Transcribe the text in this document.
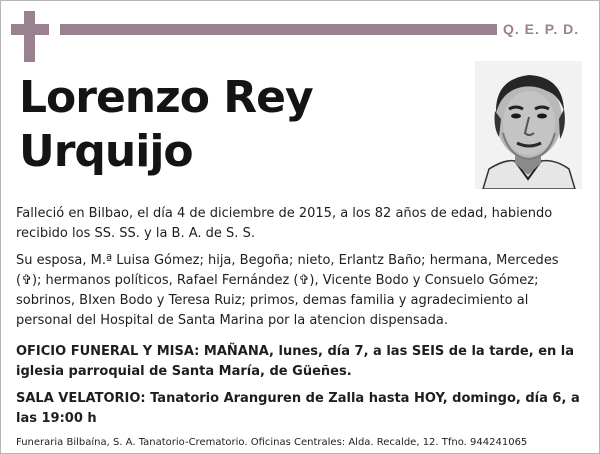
Q. E. P. D.
Lorenzo Rey
Urquijo

Falleció en Bilbao, el día 4 de diciembre de 2015, a los 82 años de edad, habiendo recibido los SS. SS. y la B. A. de S. S.

Su esposa, M.ª Luisa Gómez; hija, Begoña; nieto, Erlantz Baño; hermana, Mercedes (✞); hermanos políticos, Rafael Fernández (✞), Vicente Bodo y Consuelo Gómez; sobrinos, BIxen Bodo y Teresa Ruiz; primos, demas familia y agradecimiento al personal del Hospital de Santa Marina por la atencion dispensada.

OFICIO FUNERAL Y MISA: MAÑANA, lunes, día 7, a las SEIS de la tarde, en la iglesia parroquial de Santa María, de Güeñes.

SALA VELATORIO: Tanatorio Aranguren de Zalla hasta HOY, domingo, día 6, a las 19:00 h

Funeraria Bilbaína, S. A. Tanatorio-Crematorio. Oficinas Centrales: Alda. Recalde, 12. Tfno. 944241065
